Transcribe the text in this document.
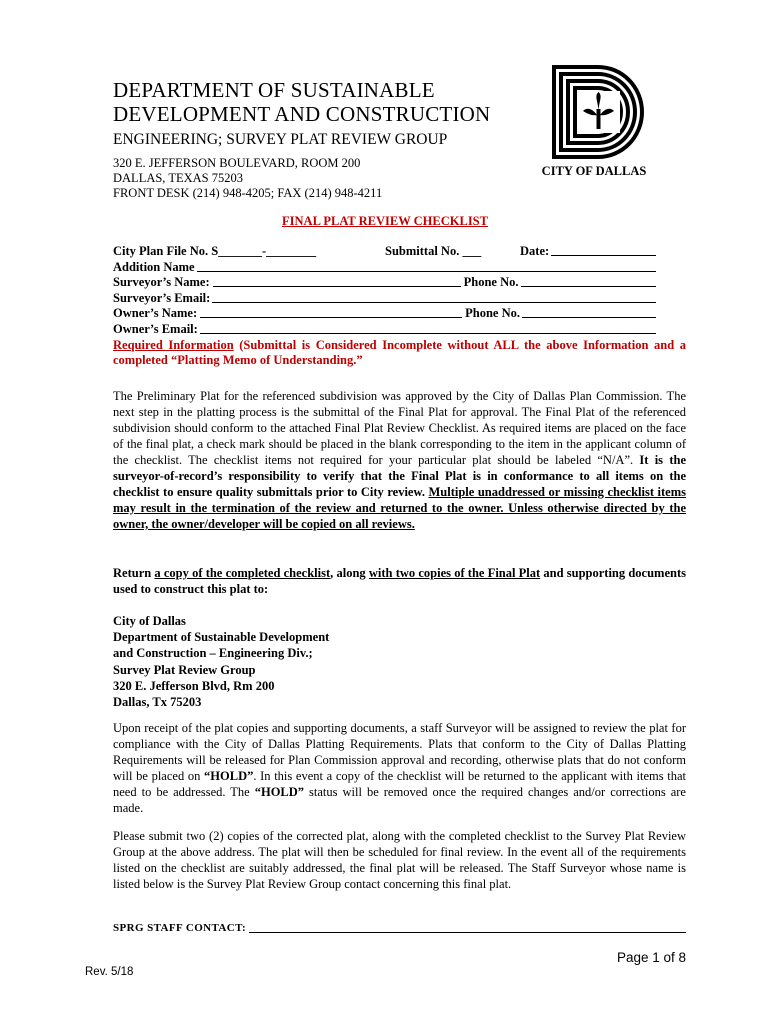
DEPARTMENT OF SUSTAINABLE
DEVELOPMENT AND CONSTRUCTION
ENGINEERING; SURVEY PLAT REVIEW GROUP
320 E. JEFFERSON BOULEVARD, ROOM 200
DALLAS, TEXAS 75203
FRONT DESK (214) 948-4205; FAX (214) 948-4211
CITY OF DALLAS
FINAL PLAT REVIEW CHECKLIST
City Plan File No. S_______-________	Submittal No. ___	Date:
Addition Name
Surveyor’s Name:	Phone No.
Surveyor’s Email:
Owner’s Name:	Phone No.
Owner’s Email:
Required Information (Submittal is Considered Incomplete without ALL the above Information and a completed “Platting Memo of Understanding.”
The Preliminary Plat for the referenced subdivision was approved by the City of Dallas Plan Commission. The next step in the platting process is the submittal of the Final Plat for approval. The Final Plat of the referenced subdivision should conform to the attached Final Plat Review Checklist. As required items are placed on the face of the final plat, a check mark should be placed in the blank corresponding to the item in the applicant column of the checklist. The checklist items not required for your particular plat should be labeled “N/A”. It is the surveyor-of-record’s responsibility to verify that the Final Plat is in conformance to all items on the checklist to ensure quality submittals prior to City review. Multiple unaddressed or missing checklist items may result in the termination of the review and returned to the owner. Unless otherwise directed by the owner, the owner/developer will be copied on all reviews.
Return a copy of the completed checklist, along with two copies of the Final Plat and supporting documents used to construct this plat to:
City of Dallas
Department of Sustainable Development
and Construction – Engineering Div.;
Survey Plat Review Group
320 E. Jefferson Blvd, Rm 200
Dallas, Tx 75203
Upon receipt of the plat copies and supporting documents, a staff Surveyor will be assigned to review the plat for compliance with the City of Dallas Platting Requirements. Plats that conform to the City of Dallas Platting Requirements will be released for Plan Commission approval and recording, otherwise plats that do not conform will be placed on “HOLD”. In this event a copy of the checklist will be returned to the applicant with items that need to be addressed. The “HOLD” status will be removed once the required changes and/or corrections are made.
Please submit two (2) copies of the corrected plat, along with the completed checklist to the Survey Plat Review Group at the above address. The plat will then be scheduled for final review. In the event all of the requirements listed on the checklist are suitably addressed, the final plat will be released. The Staff Surveyor whose name is listed below is the Survey Plat Review Group contact concerning this final plat.
SPRG STAFF CONTACT:
Page 1 of 8
Rev. 5/18
